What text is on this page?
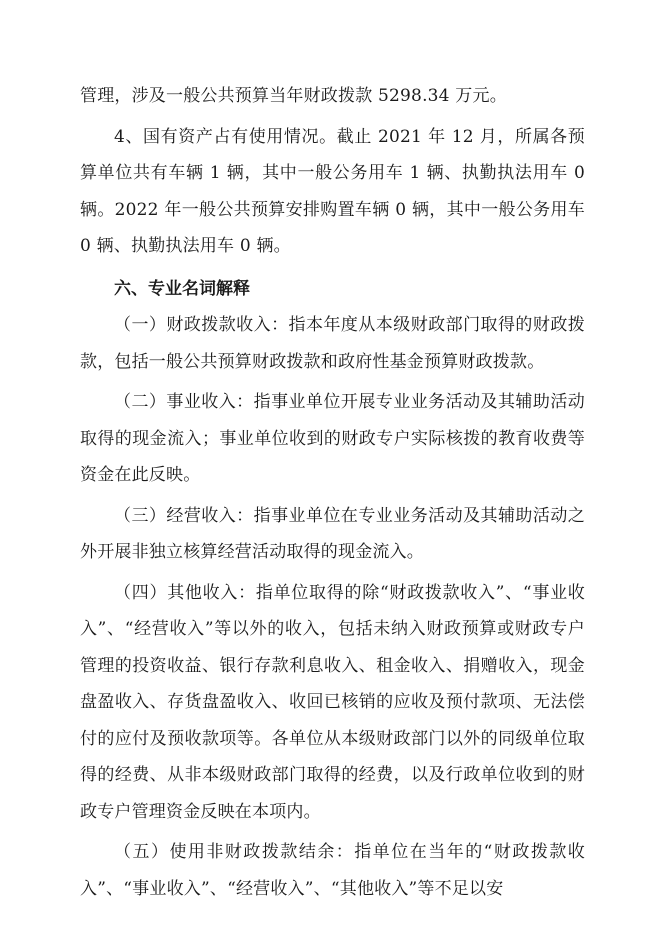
管理，涉及一般公共预算当年财政拨款 5298.34 万元。

4、国有资产占有使用情况。截止 2021 年 12 月，所属各预算单位共有车辆 1 辆，其中一般公务用车 1 辆、执勤执法用车 0 辆。2022 年一般公共预算安排购置车辆 0 辆，其中一般公务用车 0 辆、执勤执法用车 0 辆。

六、专业名词解释

（一）财政拨款收入：指本年度从本级财政部门取得的财政拨款，包括一般公共预算财政拨款和政府性基金预算财政拨款。

（二）事业收入：指事业单位开展专业业务活动及其辅助活动取得的现金流入；事业单位收到的财政专户实际核拨的教育收费等资金在此反映。

（三）经营收入：指事业单位在专业业务活动及其辅助活动之外开展非独立核算经营活动取得的现金流入。

（四）其他收入：指单位取得的除“财政拨款收入”、“事业收入”、“经营收入”等以外的收入，包括未纳入财政预算或财政专户管理的投资收益、银行存款利息收入、租金收入、捐赠收入，现金盘盈收入、存货盘盈收入、收回已核销的应收及预付款项、无法偿付的应付及预收款项等。各单位从本级财政部门以外的同级单位取得的经费、从非本级财政部门取得的经费，以及行政单位收到的财政专户管理资金反映在本项内。

（五）使用非财政拨款结余：指单位在当年的“财政拨款收入”、“事业收入”、“经营收入”、“其他收入”等不足以安
